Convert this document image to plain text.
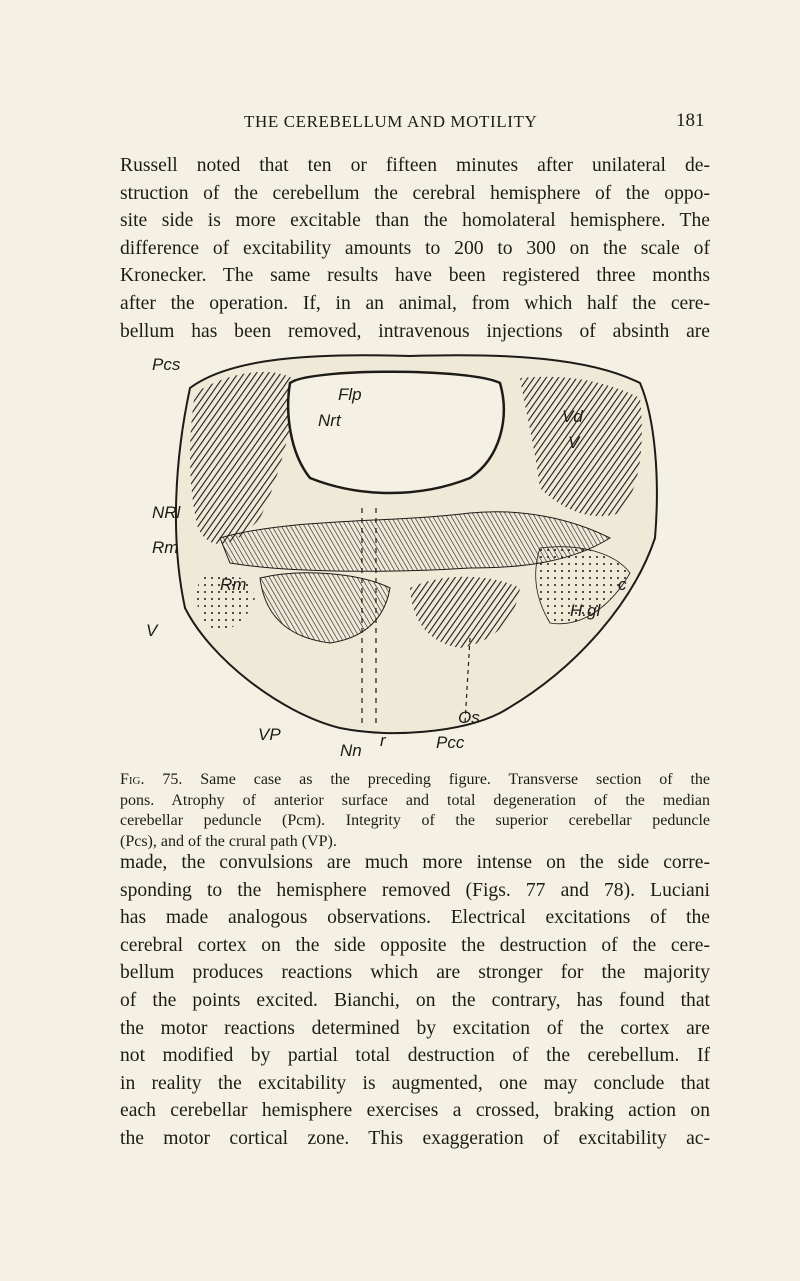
THE CEREBELLUM AND MOTILITY	181

Russell noted that ten or fifteen minutes after unilateral de-
struction of the cerebellum the cerebral hemisphere of the oppo-
site side is more excitable than the homolateral hemisphere. The
difference of excitability amounts to 200 to 300 on the scale of
Kronecker. The same results have been registered three months
after the operation. If, in an animal, from which half the cere-
bellum has been removed, intravenous injections of absinth are

Pcs
Flp
Nrt	Vd
V
NRl
Rm
Rm
V
H.gl
c
Os
VP	r	Pcc
Nn

Fig. 75. Same case as the preceding figure. Transverse section of the
pons. Atrophy of anterior surface and total degeneration of the median
cerebellar peduncle (Pcm). Integrity of the superior cerebellar peduncle
(Pcs), and of the crural path (VP).

made, the convulsions are much more intense on the side corre-
sponding to the hemisphere removed (Figs. 77 and 78). Luciani
has made analogous observations. Electrical excitations of the
cerebral cortex on the side opposite the destruction of the cere-
bellum produces reactions which are stronger for the majority
of the points excited. Bianchi, on the contrary, has found that
the motor reactions determined by excitation of the cortex are
not modified by partial total destruction of the cerebellum. If
in reality the excitability is augmented, one may conclude that
each cerebellar hemisphere exercises a crossed, braking action on
the motor cortical zone. This exaggeration of excitability ac-
